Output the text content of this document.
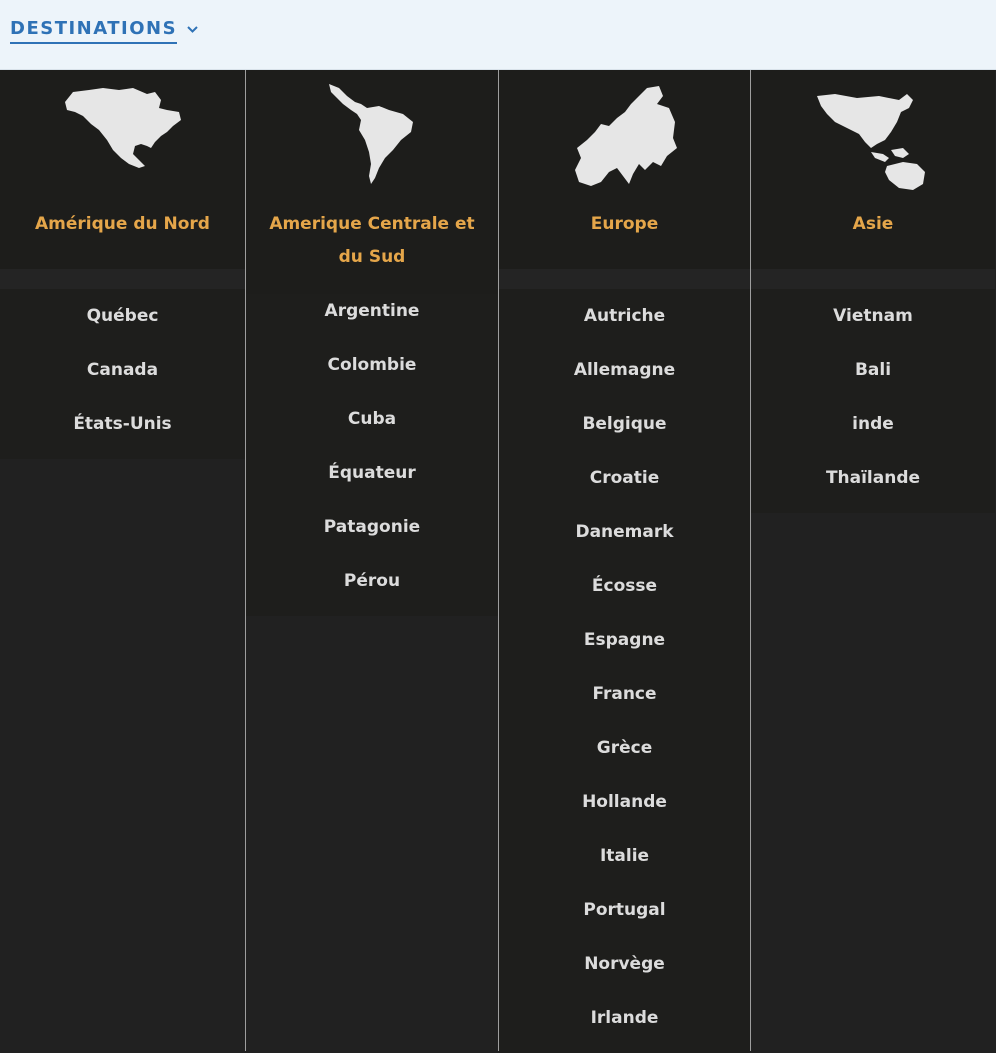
DESTINATIONS
Amérique du Nord
Québec
Canada
États-Unis
Amerique Centrale et du Sud
Argentine
Colombie
Cuba
Équateur
Patagonie
Pérou
Europe
Autriche
Allemagne
Belgique
Croatie
Danemark
Écosse
Espagne
France
Grèce
Hollande
Italie
Portugal
Norvège
Irlande
Asie
Vietnam
Bali
inde
Thaïlande
